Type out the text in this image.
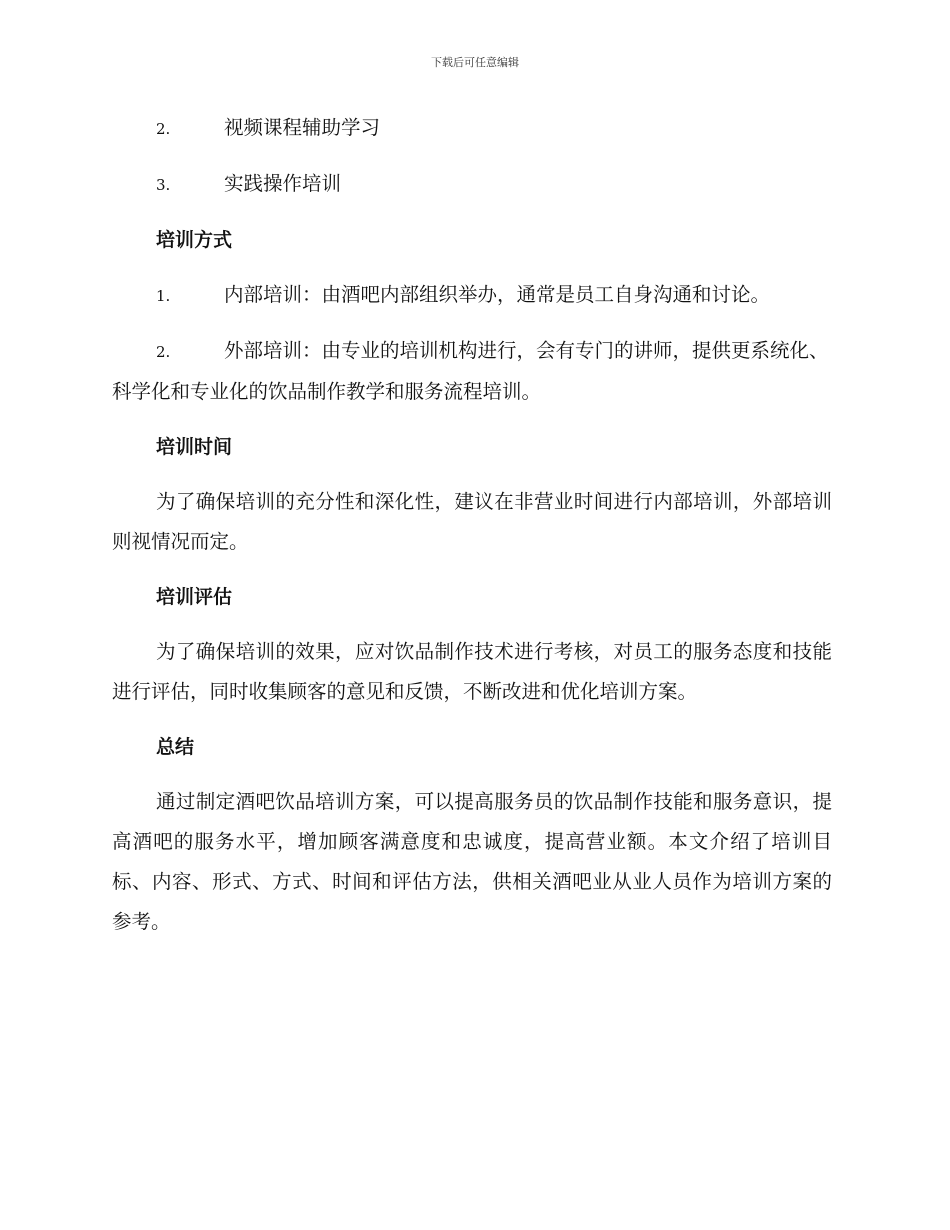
下载后可任意编辑
2.	视频课程辅助学习
3.	实践操作培训
培训方式
1.	内部培训：由酒吧内部组织举办，通常是员工自身沟通和讨论。
2.	外部培训：由专业的培训机构进行，会有专门的讲师，提供更系统化、科学化和专业化的饮品制作教学和服务流程培训。
培训时间
为了确保培训的充分性和深化性，建议在非营业时间进行内部培训，外部培训则视情况而定。
培训评估
为了确保培训的效果，应对饮品制作技术进行考核，对员工的服务态度和技能进行评估，同时收集顾客的意见和反馈，不断改进和优化培训方案。
总结
通过制定酒吧饮品培训方案，可以提高服务员的饮品制作技能和服务意识，提高酒吧的服务水平，增加顾客满意度和忠诚度，提高营业额。本文介绍了培训目标、内容、形式、方式、时间和评估方法，供相关酒吧业从业人员作为培训方案的参考。
